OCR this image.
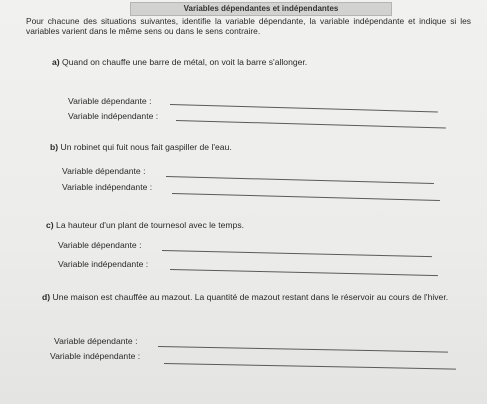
Variables dépendantes et indépendantes
Pour chacune des situations suivantes, identifie la variable dépendante, la variable indépendante et indique si les variables varient dans le même sens ou dans le sens contraire.
a) Quand on chauffe une barre de métal, on voit la barre s'allonger.
Variable dépendante :
Variable indépendante :
b) Un robinet qui fuit nous fait gaspiller de l'eau.
Variable dépendante :
Variable indépendante :
c) La hauteur d'un plant de tournesol avec le temps.
Variable dépendante :
Variable indépendante :
d) Une maison est chauffée au mazout. La quantité de mazout restant dans le réservoir au cours de l'hiver.
Variable dépendante :
Variable indépendante :
